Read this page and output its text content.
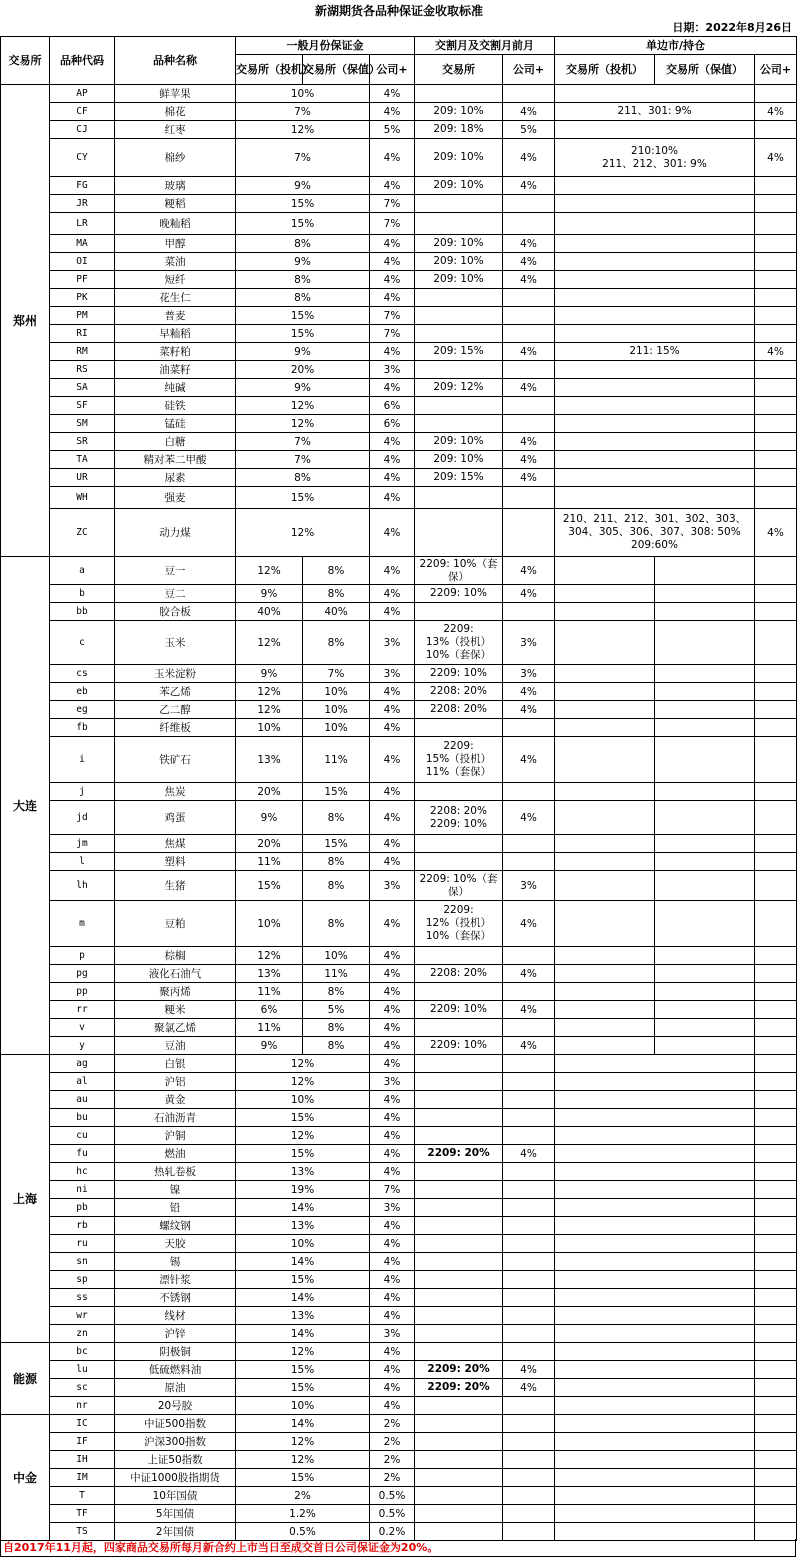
新湖期货各品种保证金收取标准
日期：2022年8月26日
交易所	品种代码	品种名称	一般月份保证金			交割月及交割月前月		单边市/持仓		
			交易所（投机）	交易所（保值）	公司+	交易所	公司+	交易所（投机）	交易所（保值）	公司+
郑州	AP	鲜苹果	10%		4%					
	CF	棉花	7%		4%	209: 10%	4%	211、301: 9%		4%
	CJ	红枣	12%		5%	209: 18%	5%			
	CY	棉纱	7%		4%	209: 10%	4%	210:10%
211、212、301: 9%		4%
	FG	玻璃	9%		4%	209: 10%	4%			
	JR	粳稻	15%		7%					
	LR	晚籼稻	15%		7%					
	MA	甲醇	8%		4%	209: 10%	4%			
	OI	菜油	9%		4%	209: 10%	4%			
	PF	短纤	8%		4%	209: 10%	4%			
	PK	花生仁	8%		4%					
	PM	普麦	15%		7%					
	RI	早籼稻	15%		7%					
	RM	菜籽粕	9%		4%	209: 15%	4%	211: 15%		4%
	RS	油菜籽	20%		3%					
	SA	纯碱	9%		4%	209: 12%	4%			
	SF	硅铁	12%		6%					
	SM	锰硅	12%		6%					
	SR	白糖	7%		4%	209: 10%	4%			
	TA	精对苯二甲酸	7%		4%	209: 10%	4%			
	UR	尿素	8%		4%	209: 15%	4%			
	WH	强麦	15%		4%					
	ZC	动力煤	12%		4%			210、211、212、301、302、303、
304、305、306、307、308: 50%
209:60%		4%
大连	a	豆一	12%	8%	4%	2209: 10%（套保）	4%			
	b	豆二	9%	8%	4%	2209: 10%	4%			
	bb	胶合板	40%	40%	4%					
	c	玉米	12%	8%	3%	2209:
13%（投机）
10%（套保）	3%			
	cs	玉米淀粉	9%	7%	3%	2209: 10%	3%			
	eb	苯乙烯	12%	10%	4%	2208: 20%	4%			
	eg	乙二醇	12%	10%	4%	2208: 20%	4%			
	fb	纤维板	10%	10%	4%					
	i	铁矿石	13%	11%	4%	2209:
15%（投机）
11%（套保）	4%			
	j	焦炭	20%	15%	4%					
	jd	鸡蛋	9%	8%	4%	2208: 20%
2209: 10%	4%			
	jm	焦煤	20%	15%	4%					
	l	塑料	11%	8%	4%					
	lh	生猪	15%	8%	3%	2209: 10%（套保）	3%			
	m	豆粕	10%	8%	4%	2209:
12%（投机）
10%（套保）	4%			
	p	棕榈	12%	10%	4%					
	pg	液化石油气	13%	11%	4%	2208: 20%	4%			
	pp	聚丙烯	11%	8%	4%					
	rr	粳米	6%	5%	4%	2209: 10%	4%			
	v	聚氯乙烯	11%	8%	4%					
	y	豆油	9%	8%	4%	2209: 10%	4%			
上海	ag	白银	12%		4%					
	al	沪铝	12%		3%					
	au	黄金	10%		4%					
	bu	石油沥青	15%		4%					
	cu	沪铜	12%		4%					
	fu	燃油	15%		4%	2209: 20%	4%			
	hc	热轧卷板	13%		4%					
	ni	镍	19%		7%					
	pb	铅	14%		3%					
	rb	螺纹钢	13%		4%					
	ru	天胶	10%		4%					
	sn	锡	14%		4%					
	sp	漂针浆	15%		4%					
	ss	不锈钢	14%		4%					
	wr	线材	13%		4%					
	zn	沪锌	14%		3%					
能源	bc	阴极铜	12%		4%					
	lu	低硫燃料油	15%		4%	2209: 20%	4%			
	sc	原油	15%		4%	2209: 20%	4%			
	nr	20号胶	10%		4%					
中金	IC	中证500指数	14%		2%					
	IF	沪深300指数	12%		2%					
	IH	上证50指数	12%		2%					
	IM	中证1000股指期货	15%		2%					
	T	10年国债	2%		0.5%					
	TF	5年国债	1.2%		0.5%					
	TS	2年国债	0.5%		0.2%					
自2017年11月起，四家商品交易所每月新合约上市当日至成交首日公司保证金为20%。
